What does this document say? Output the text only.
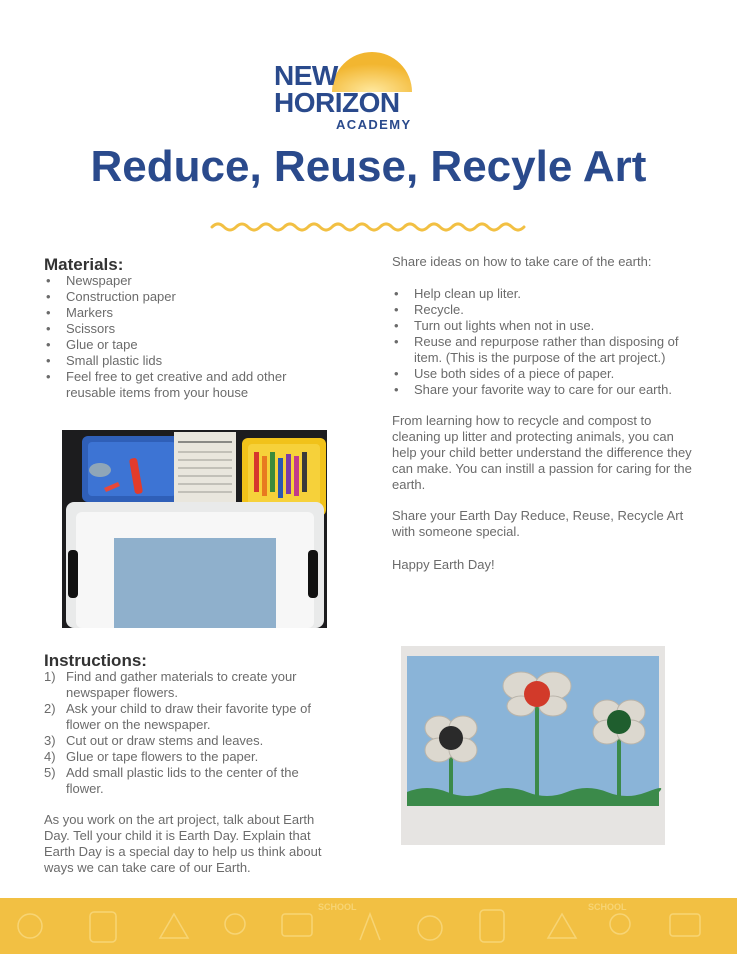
NEW
HORIZON
ACADEMY
Reduce, Reuse, Recyle Art
Materials:
• Newspaper
• Construction paper
• Markers
• Scissors
• Glue or tape
• Small plastic lids
• Feel free to get creative and add other reusable items from your house
Instructions:
1) Find and gather materials to create your newspaper flowers.
2) Ask your child to draw their favorite type of flower on the newspaper.
3) Cut out or draw stems and leaves.
4) Glue or tape flowers to the paper.
5) Add small plastic lids to the center of the flower.

As you work on the art project, talk about Earth Day. Tell your child it is Earth Day. Explain that Earth Day is a special day to help us think about ways we can take care of our Earth.

Share ideas on how to take care of the earth:

• Help clean up liter.
• Recycle.
• Turn out lights when not in use.
• Reuse and repurpose rather than disposing of item. (This is the purpose of the art project.)
• Use both sides of a piece of paper.
• Share your favorite way to care for our earth.

From learning how to recycle and compost to cleaning up litter and protecting animals, you can help your child better understand the difference they can make. You can instill a passion for caring for the earth.

Share your Earth Day Reduce, Reuse, Recycle Art with someone special.

Happy Earth Day!

SCHOOL	SCHOOL
